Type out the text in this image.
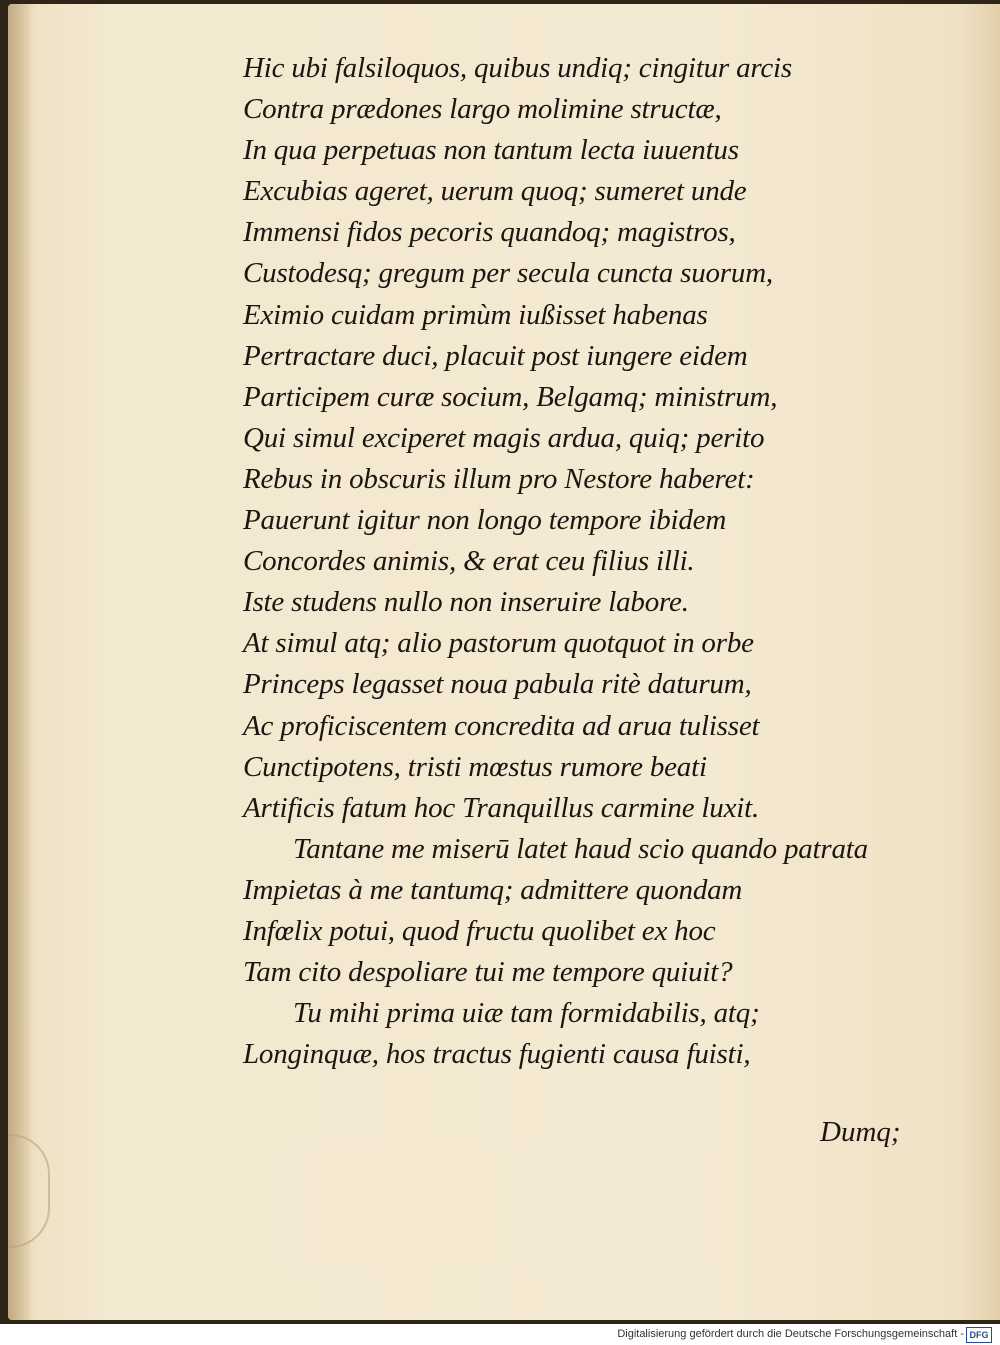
Hic ubi falsiloquos, quibus undiq; cingitur arcis
Contra prædones largo molimine structæ,
In qua perpetuas non tantum lecta iuuentus
Excubias ageret, uerum quoq; sumeret unde
Immensi fidos pecoris quandoq; magistros,
Custodesq; gregum per secula cuncta suorum,
Eximio cuidam primùm iußisset habenas
Pertractare duci, placuit post iungere eidem
Participem curæ socium, Belgamq; ministrum,
Qui simul exciperet magis ardua, quiq; perito
Rebus in obscuris illum pro Nestore haberet:
Pauerunt igitur non longo tempore ibidem
Concordes animis, & erat ceu filius illi.
Iste studens nullo non inseruire labore.
At simul atq; alio pastorum quotquot in orbe
Princeps legasset noua pabula ritè daturum,
Ac proficiscentem concredita ad arua tulisset
Cunctipotens, tristi mœstus rumore beati
Artificis fatum hoc Tranquillus carmine luxit.
Tantane me miserū latet haud scio quando patrata
Impietas à me tantumq; admittere quondam
Infœlix potui, quod fructu quolibet ex hoc
Tam cito despoliare tui me tempore quiuit?
Tu mihi prima uiæ tam formidabilis, atq;
Longinquæ, hos tractus fugienti causa fuisti,
Dumq;
Digitalisierung gefördert durch die Deutsche Forschungsgemeinschaft - DFG
